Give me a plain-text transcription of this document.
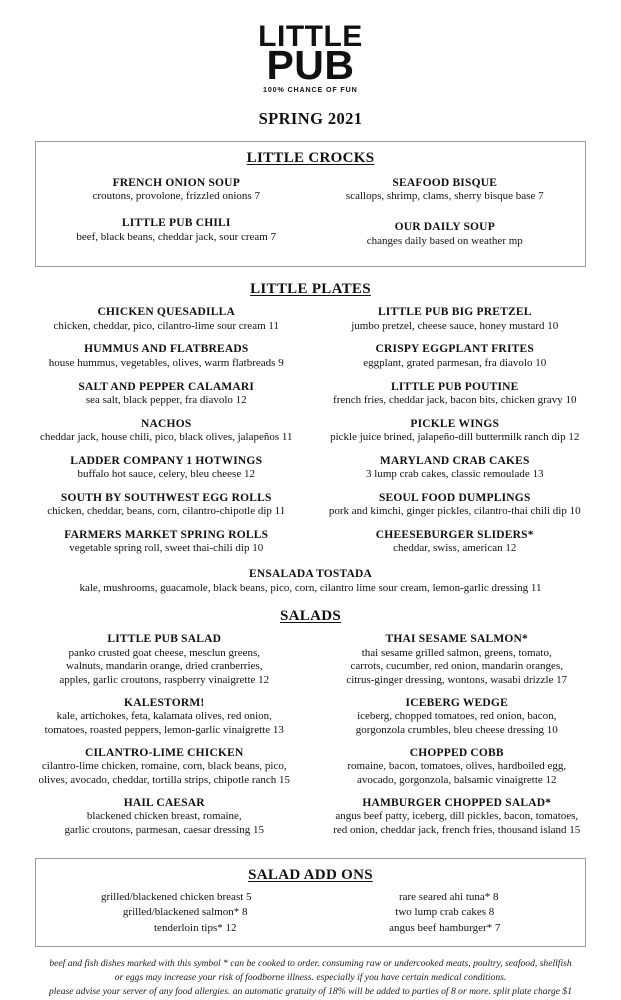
LITTLE
PUB
100% CHANCE OF FUN
SPRING 2021
LITTLE CROCKS
FRENCH ONION SOUP
croutons, provolone, frizzled onions 7
LITTLE PUB CHILI
beef, black beans, cheddar jack, sour cream 7
SEAFOOD BISQUE
scallops, shrimp, clams, sherry bisque base 7
OUR DAILY SOUP
changes daily based on weather mp
LITTLE PLATES
CHICKEN QUESADILLA
chicken, cheddar, pico, cilantro-lime sour cream 11
HUMMUS AND FLATBREADS
house hummus, vegetables, olives, warm flatbreads 9
SALT AND PEPPER CALAMARI
sea salt, black pepper, fra diavolo 12
NACHOS
cheddar jack, house chili, pico, black olives, jalapeños 11
LADDER COMPANY 1 HOTWINGS
buffalo hot sauce, celery, bleu cheese 12
SOUTH BY SOUTHWEST EGG ROLLS
chicken, cheddar, beans, corn, cilantro-chipotle dip 11
FARMERS MARKET SPRING ROLLS
vegetable spring roll, sweet thai-chili dip 10
LITTLE PUB BIG PRETZEL
jumbo pretzel, cheese sauce, honey mustard 10
CRISPY EGGPLANT FRITES
eggplant, grated parmesan, fra diavolo 10
LITTLE PUB POUTINE
french fries, cheddar jack, bacon bits, chicken gravy 10
PICKLE WINGS
pickle juice brined, jalapeño-dill buttermilk ranch dip 12
MARYLAND CRAB CAKES
3 lump crab cakes, classic remoulade 13
SEOUL FOOD DUMPLINGS
pork and kimchi, ginger pickles, cilantro-thai chili dip 10
CHEESEBURGER SLIDERS*
cheddar, swiss, american 12
ENSALADA TOSTADA
kale, mushrooms, guacamole, black beans, pico, corn, cilantro lime sour cream, lemon-garlic dressing 11
SALADS
LITTLE PUB SALAD
panko crusted goat cheese, mesclun greens,
walnuts, mandarin orange, dried cranberries,
apples, garlic croutons, raspberry vinaigrette 12
KALESTORM!
kale, artichokes, feta, kalamata olives, red onion,
tomatoes, roasted peppers, lemon-garlic vinaigrette 13
CILANTRO-LIME CHICKEN
cilantro-lime chicken, romaine, corn, black beans, pico,
olives, avocado, cheddar, tortilla strips, chipotle ranch 15
HAIL CAESAR
blackened chicken breast, romaine,
garlic croutons, parmesan, caesar dressing 15
THAI SESAME SALMON*
thai sesame grilled salmon, greens, tomato,
carrots, cucumber, red onion, mandarin oranges,
citrus-ginger dressing, wontons, wasabi drizzle 17
ICEBERG WEDGE
iceberg, chopped tomatoes, red onion, bacon,
gorgonzola crumbles, bleu cheese dressing 10
CHOPPED COBB
romaine, bacon, tomatoes, olives, hardboiled egg,
avocado, gorgonzola, balsamic vinaigrette 12
HAMBURGER CHOPPED SALAD*
angus beef patty, iceberg, dill pickles, bacon, tomatoes,
red onion, cheddar jack, french fries, thousand island 15
SALAD ADD ONS
grilled/blackened chicken breast 5
grilled/blackened salmon* 8
tenderloin tips* 12
rare seared ahi tuna* 8
two lump crab cakes 8
angus beef hamburger* 7
beef and fish dishes marked with this symbol * can be cooked to order. consuming raw or undercooked meats, poultry, seafood, shellfish
or eggs may increase your risk of foodborne illness. especially if you have certain medical conditions.
please advise your server of any food allergies. an automatic gratuity of 18% will be added to parties of 8 or more. split plate charge $1
